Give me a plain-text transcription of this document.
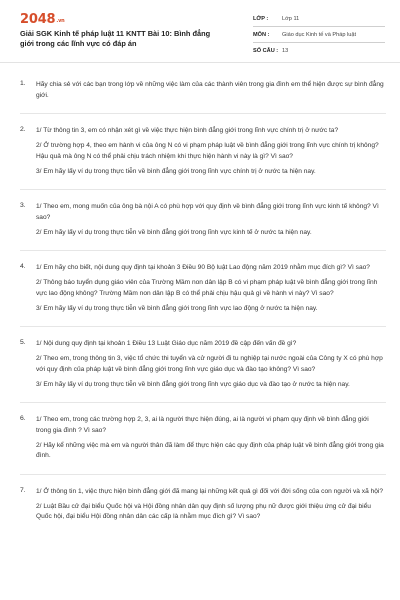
$2048^{.vn}$
Giải SGK Kinh tế pháp luật 11 KNTT Bài 10: Bình đẳng giới trong các lĩnh vực có đáp án
LỚP :	Lớp 11
MÔN :	Giáo dục Kinh tế và Pháp luật
SỐ CÂU : 13
1. Hãy chia sẻ với các bạn trong lớp về những việc làm của các thành viên trong gia đình em thể hiện được sự bình đẳng giới.
2. 1/ Từ thông tin 3, em có nhận xét gì về việc thực hiện bình đẳng giới trong lĩnh vực chính trị ở nước ta?
2/ Ở trường hợp 4, theo em hành vi của ông N có vi phạm pháp luật về bình đẳng giới trong lĩnh vực chính trị không? Hậu quả mà ông N có thể phải chịu trách nhiệm khi thực hiện hành vi này là gì? Vì sao?
3/ Em hãy lấy ví dụ trong thực tiễn về bình đẳng giới trong lĩnh vực chính trị ở nước ta hiện nay.
3. 1/ Theo em, mong muốn của ông bà nội A có phù hợp với quy định về bình đẳng giới trong lĩnh vực kinh tế không? Vì sao?
2/ Em hãy lấy ví dụ trong thực tiễn về bình đẳng giới trong lĩnh vực kinh tế ở nước ta hiện nay.
4. 1/ Em hãy cho biết, nội dung quy định tại khoản 3 Điều 90 Bộ luật Lao động năm 2019 nhằm mục đích gì? Vì sao?
2/ Thông báo tuyển dụng giáo viên của Trường Mầm non dân lập B có vi phạm pháp luật về bình đẳng giới trong lĩnh vực lao động không? Trường Mầm non dân lập B có thể phải chịu hậu quả gì về hành vi này? Vì sao?
3/ Em hãy lấy ví dụ trong thực tiễn về bình đẳng giới trong lĩnh vực lao động ở nước ta hiện nay.
5. 1/ Nội dung quy định tại khoản 1 Điều 13 Luật Giáo dục năm 2019 đề cập đến vấn đề gì?
2/ Theo em, trong thông tin 3, việc tổ chức thi tuyển và cử người đi tu nghiệp tại nước ngoài của Công ty X có phù hợp với quy định của pháp luật về bình đẳng giới trong lĩnh vực giáo dục và đào tạo không? Vì sao?
3/ Em hãy lấy ví dụ trong thực tiễn về bình đẳng giới trong lĩnh vực giáo dục và đào tạo ở nước ta hiện nay.
6. 1/ Theo em, trong các trường hợp 2, 3, ai là người thực hiện đúng, ai là người vi phạm quy định về bình đẳng giới trong gia đình ? Vì sao?
2/ Hãy kể những việc mà em và người thân đã làm để thực hiện các quy định của pháp luật về bình đẳng giới trong gia đình.
7. 1/ Ở thông tin 1, việc thực hiện bình đẳng giới đã mang lại những kết quả gì đối với đời sống của con người và xã hội?
2/ Luật Bầu cử đại biểu Quốc hội và Hội đồng nhân dân quy định số lượng phụ nữ được giới thiệu ứng cử đại biểu Quốc hội, đại biểu Hội đồng nhân dân các cấp là nhằm mục đích gì? Vì sao?
